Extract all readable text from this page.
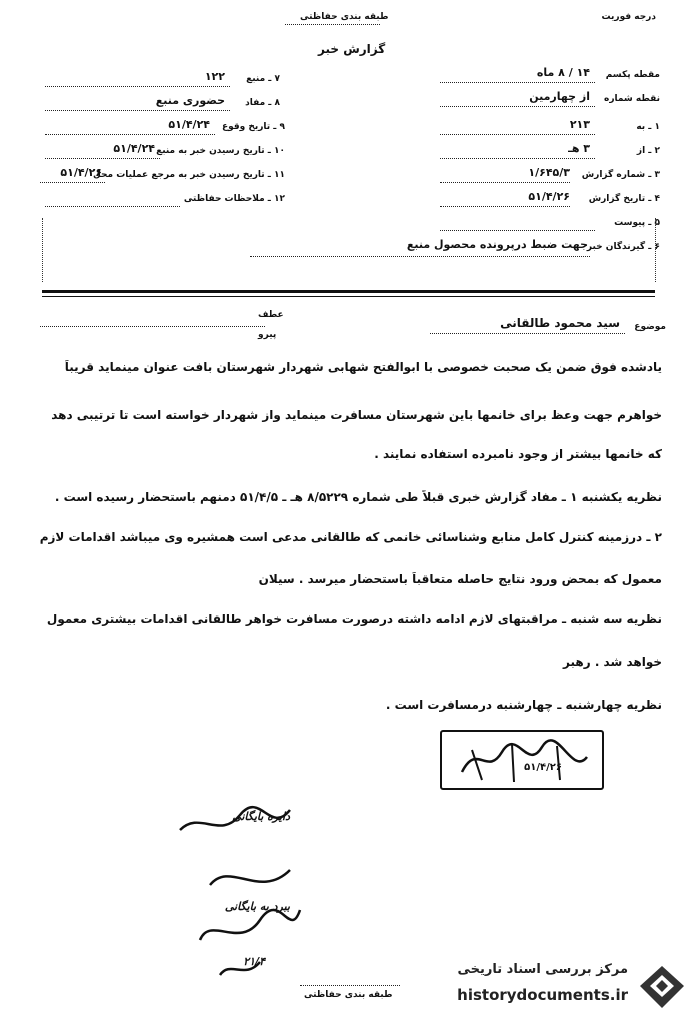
درجه فوریت
طبقه بندی حفاظتی
گزارش خبر
مقطه پکسم
۱۴ / ۸ ماه
نقطه شماره
از چهارمین
۱ ـ به
۲۱۳
۲ ـ از
۳ هـ
۳ ـ شماره گزارش
۱/۶۴۵/۳
۴ ـ تاریخ گزارش
۵۱/۴/۲۶
۵ ـ پیوست
۶ ـ گیرندگان خبر
جهت ضبط درپرونده محصول منبع
۷ ـ منبع
۱۲۲
۸ ـ مفاد
حضوری منبع
۹ ـ تاریخ وقوع
۵۱/۴/۲۴
۱۰ ـ تاریخ رسیدن خبر به منبع
۵۱/۴/۲۴
۱۱ ـ تاریخ رسیدن خبر به مرجع عملیات محل
۵۱/۴/۲۶
۱۲ ـ ملاحظات حفاظتی
موضوع
سید محمود طالقانی
عطف
پیرو
یادشده فوق ضمن یک صحبت خصوصی با ابوالفتح شهابی شهردار شهرستان بافت عنوان مینماید قریباً
خواهرم جهت وعظ برای خانمها باین شهرستان مسافرت مینماید واز شهردار خواسته است تا ترتیبی دهد
که خانمها بیشتر از وجود نامبرده استفاده نمایند .
نظریه یکشنبه ۱ ـ مفاد گزارش خبری قبلاً طی شماره ۸/۵۲۲۹ هـ ـ ۵۱/۴/۵ دمنهم باستحضار رسیده است .
۲ ـ درزمینه کنترل کامل منابع وشناسائی خانمی که طالقانی مدعی است همشیره وی میباشد اقدامات لازم
معمول که بمحض ورود نتایج حاصله متعاقباً باستحضار میرسد . سیلان
نظریه سه شنبه ـ مراقبتهای لازم ادامه داشته درصورت مسافرت خواهر طالقانی اقدامات بیشتری معمول
خواهد شد . رهبر
نظریه چهارشنبه ـ چهارشنبه درمسافرت است .
۵۱/۴/۲۶
دایره بایگانی
ببرد به بایگانی
۲۱/۴
طبقه بندی حفاظتی
مرکز بررسی اسناد تاریخی
historydocuments.ir
